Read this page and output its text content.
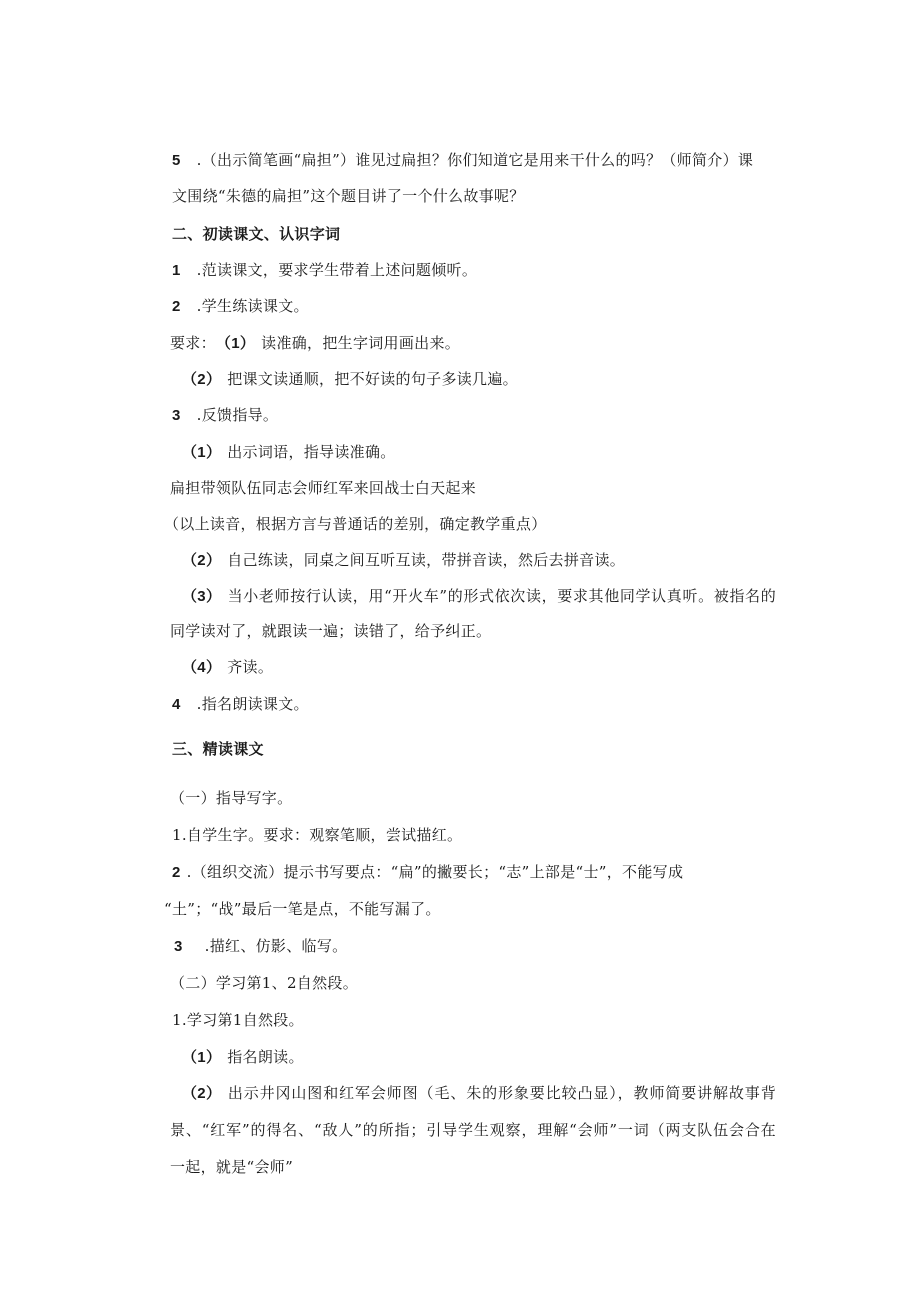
5 .（出示简笔画“扁担”）谁见过扁担？你们知道它是用来干什么的吗？（师简介）课
文围绕“朱德的扁担”这个题目讲了一个什么故事呢？
二、初读课文、认识字词
1 .范读课文，要求学生带着上述问题倾听。
2 .学生练读课文。
要求：（1） 读准确，把生字词用画出来。
（2） 把课文读通顺，把不好读的句子多读几遍。
3 .反馈指导。
（1） 出示词语，指导读准确。
扁担带领队伍同志会师红军来回战士白天起来
（以上读音，根据方言与普通话的差别，确定教学重点）
（2） 自己练读，同桌之间互听互读，带拼音读，然后去拼音读。
（3） 当小老师按行认读，用“开火车”的形式依次读，要求其他同学认真听。被指名的
同学读对了，就跟读一遍；读错了，给予纠正。
（4） 齐读。
4 .指名朗读课文。
三、精读课文
（一）指导写字。
1.自学生字。要求：观察笔顺，尝试描红。
2 .（组织交流）提示书写要点：“扁”的撇要长；“志”上部是“士”，不能写成
“土”；“战”最后一笔是点，不能写漏了。
3 .描红、仿影、临写。
（二）学习第1、2自然段。
1.学习第1自然段。
（1） 指名朗读。
（2） 出示井冈山图和红军会师图（毛、朱的形象要比较凸显），教师简要讲解故事背
景、“红军”的得名、“敌人”的所指；引导学生观察，理解“会师”一词（两支队伍会合在
一起，就是“会师”
